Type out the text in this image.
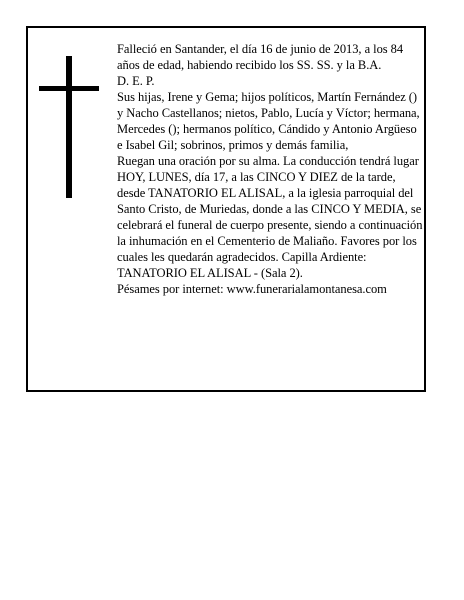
Falleció en Santander, el día 16 de junio de 2013, a los 84 años de edad, habiendo recibido los SS. SS. y la B.A.

D. E. P.

Sus hijas, Irene y Gema; hijos políticos, Martín Fernández () y Nacho Castellanos; nietos, Pablo, Lucía y Víctor; hermana, Mercedes (); hermanos político, Cándido y Antonio Argüeso e Isabel Gil; sobrinos, primos y demás familia,

Ruegan una oración por su alma. La conducción tendrá lugar HOY, LUNES, día 17, a las CINCO Y DIEZ de la tarde, desde TANATORIO EL ALISAL, a la iglesia parroquial del Santo Cristo, de Muriedas, donde a las CINCO Y MEDIA, se celebrará el funeral de cuerpo presente, siendo a continuación la inhumación en el Cementerio de Maliaño. Favores por los cuales les quedarán agradecidos. Capilla Ardiente: TANATORIO EL ALISAL - (Sala 2).

Pésames por internet: www.funerarialamontanesa.com
